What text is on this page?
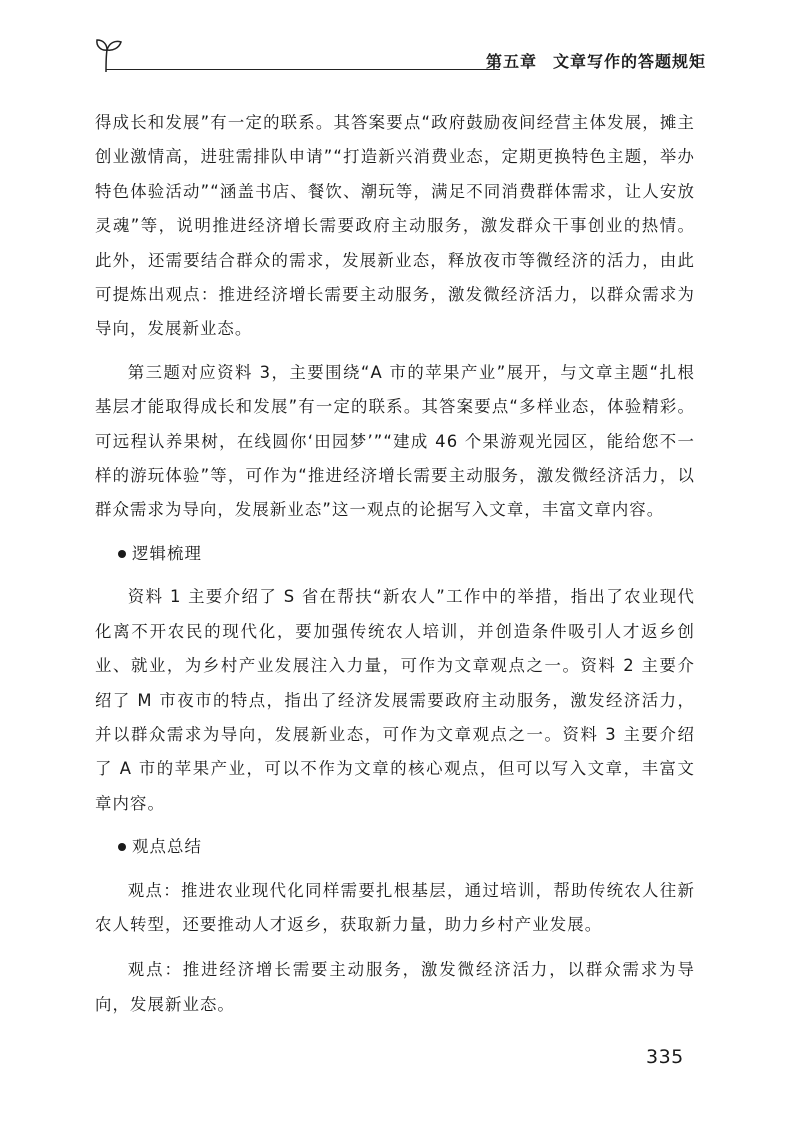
第五章 文章写作的答题规矩

得成长和发展”有一定的联系。其答案要点“政府鼓励夜间经营主体发展，摊主创业激情高，进驻需排队申请”“打造新兴消费业态，定期更换特色主题，举办特色体验活动”“涵盖书店、餐饮、潮玩等，满足不同消费群体需求，让人安放灵魂”等，说明推进经济增长需要政府主动服务，激发群众干事创业的热情。此外，还需要结合群众的需求，发展新业态，释放夜市等微经济的活力，由此可提炼出观点：推进经济增长需要主动服务，激发微经济活力，以群众需求为导向，发展新业态。

第三题对应资料 3，主要围绕“A 市的苹果产业”展开，与文章主题“扎根基层才能取得成长和发展”有一定的联系。其答案要点“多样业态，体验精彩。可远程认养果树，在线圆你‘田园梦’”“建成 46 个果游观光园区，能给您不一样的游玩体验”等，可作为“推进经济增长需要主动服务，激发微经济活力，以群众需求为导向，发展新业态”这一观点的论据写入文章，丰富文章内容。

逻辑梳理

资料 1 主要介绍了 S 省在帮扶“新农人”工作中的举措，指出了农业现代化离不开农民的现代化，要加强传统农人培训，并创造条件吸引人才返乡创业、就业，为乡村产业发展注入力量，可作为文章观点之一。资料 2 主要介绍了 M 市夜市的特点，指出了经济发展需要政府主动服务，激发经济活力，并以群众需求为导向，发展新业态，可作为文章观点之一。资料 3 主要介绍了 A 市的苹果产业，可以不作为文章的核心观点，但可以写入文章，丰富文章内容。

观点总结

观点：推进农业现代化同样需要扎根基层，通过培训，帮助传统农人往新农人转型，还要推动人才返乡，获取新力量，助力乡村产业发展。

观点：推进经济增长需要主动服务，激发微经济活力，以群众需求为导向，发展新业态。

335
